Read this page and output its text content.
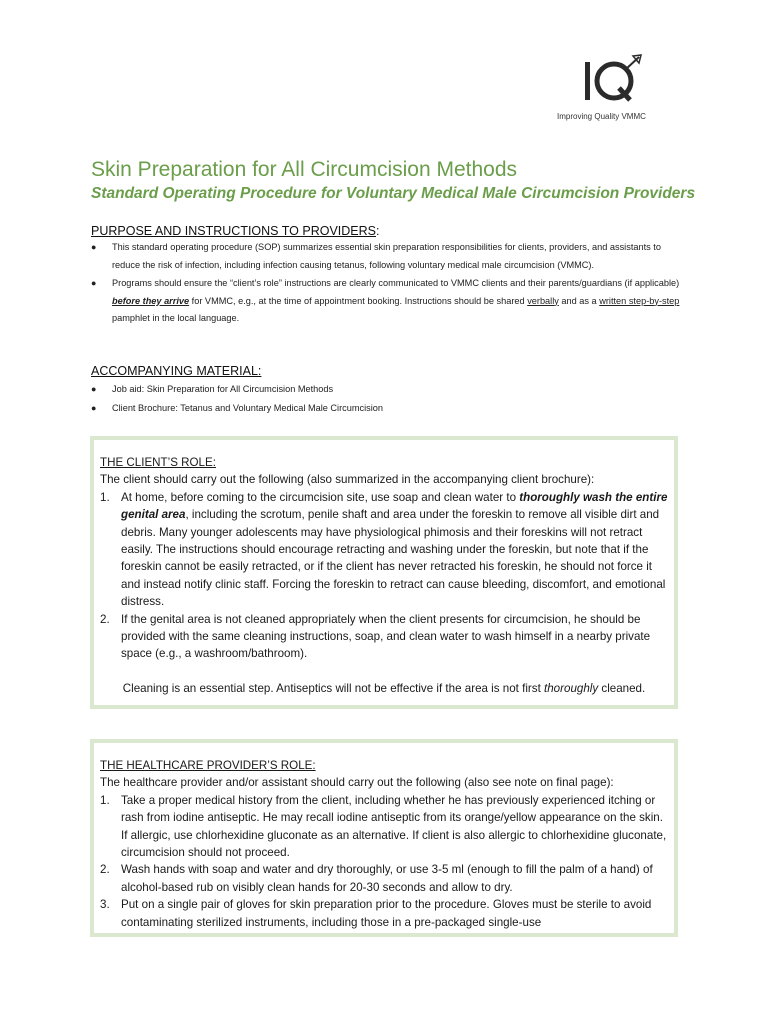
Improving Quality VMMC
Skin Preparation for All Circumcision Methods
Standard Operating Procedure for Voluntary Medical Male Circumcision Providers
PURPOSE AND INSTRUCTIONS TO PROVIDERS:
● This standard operating procedure (SOP) summarizes essential skin preparation responsibilities for clients, providers, and assistants to reduce the risk of infection, including infection causing tetanus, following voluntary medical male circumcision (VMMC).
● Programs should ensure the “client’s role” instructions are clearly communicated to VMMC clients and their parents/guardians (if applicable) before they arrive for VMMC, e.g., at the time of appointment booking. Instructions should be shared verbally and as a written step-by-step pamphlet in the local language.
ACCOMPANYING MATERIAL:
● Job aid: Skin Preparation for All Circumcision Methods
● Client Brochure: Tetanus and Voluntary Medical Male Circumcision

THE CLIENT’S ROLE:

The client should carry out the following (also summarized in the accompanying client brochure):

1. At home, before coming to the circumcision site, use soap and clean water to thoroughly wash the entire genital area, including the scrotum, penile shaft and area under the foreskin to remove all visible dirt and debris. Many younger adolescents may have physiological phimosis and their foreskins will not retract easily. The instructions should encourage retracting and washing under the foreskin, but note that if the foreskin cannot be easily retracted, or if the client has never retracted his foreskin, he should not force it and instead notify clinic staff. Forcing the foreskin to retract can cause bleeding, discomfort, and emotional distress.
2. If the genital area is not cleaned appropriately when the client presents for circumcision, he should be provided with the same cleaning instructions, soap, and clean water to wash himself in a nearby private space (e.g., a washroom/bathroom).

Cleaning is an essential step. Antiseptics will not be effective if the area is not first thoroughly cleaned.

THE HEALTHCARE PROVIDER’S ROLE:

The healthcare provider and/or assistant should carry out the following (also see note on final page):

1. Take a proper medical history from the client, including whether he has previously experienced itching or rash from iodine antiseptic. He may recall iodine antiseptic from its orange/yellow appearance on the skin. If allergic, use chlorhexidine gluconate as an alternative. If client is also allergic to chlorhexidine gluconate, circumcision should not proceed.
2. Wash hands with soap and water and dry thoroughly, or use 3-5 ml (enough to fill the palm of a hand) of alcohol-based rub on visibly clean hands for 20-30 seconds and allow to dry.
3. Put on a single pair of gloves for skin preparation prior to the procedure. Gloves must be sterile to avoid contaminating sterilized instruments, including those in a pre-packaged single-use
